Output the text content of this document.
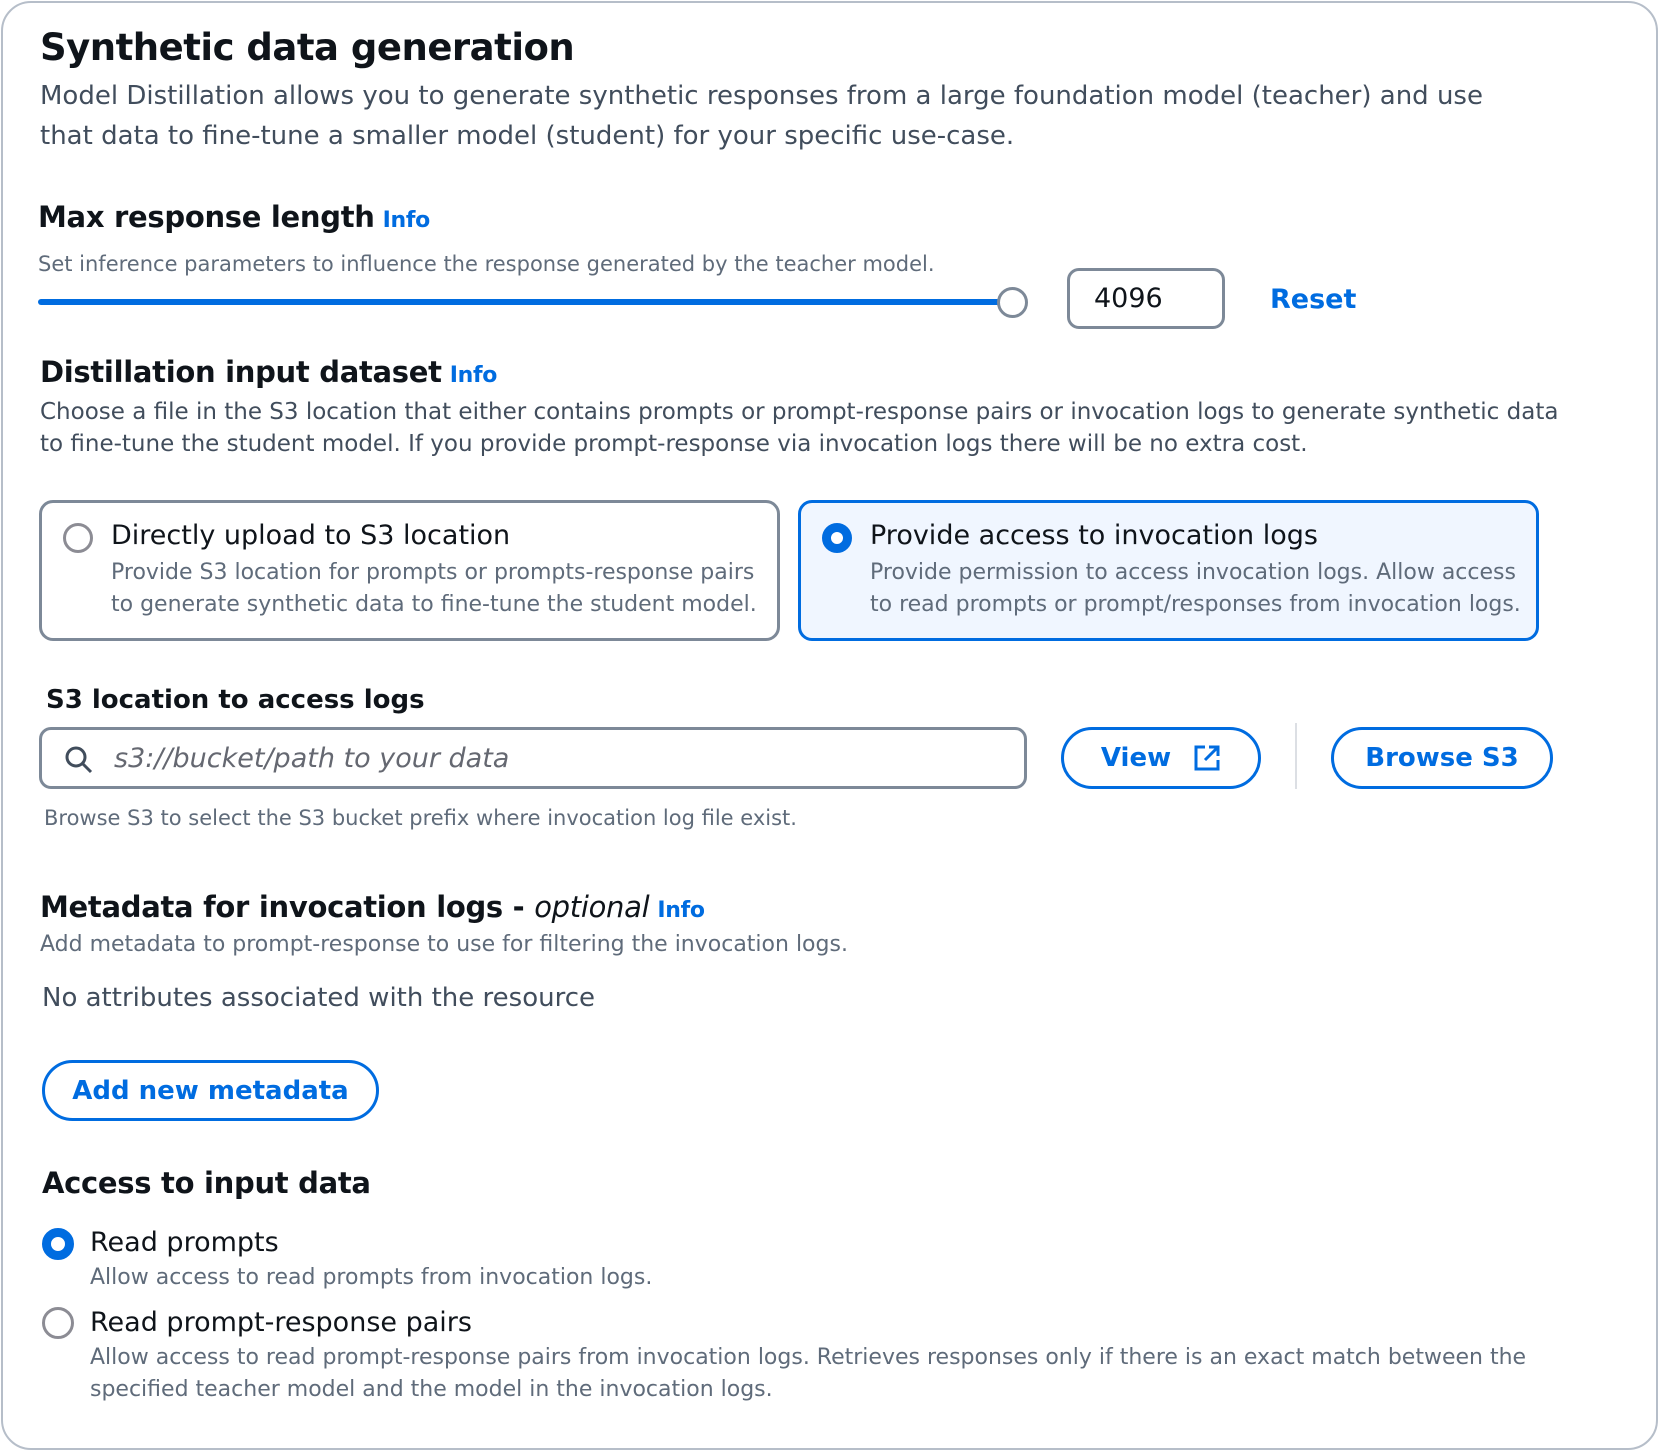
Synthetic data generation
Model Distillation allows you to generate synthetic responses from a large foundation model (teacher) and use that data to fine-tune a smaller model (student) for your specific use-case.
Max response length Info
Set inference parameters to influence the response generated by the teacher model.
4096	Reset
Distillation input dataset Info
Choose a file in the S3 location that either contains prompts or prompt-response pairs or invocation logs to generate synthetic data to fine-tune the student model. If you provide prompt-response via invocation logs there will be no extra cost.
Directly upload to S3 location
Provide S3 location for prompts or prompts-response pairs to generate synthetic data to fine-tune the student model.
Provide access to invocation logs
Provide permission to access invocation logs. Allow access to read prompts or prompt/responses from invocation logs.
S3 location to access logs
s3://bucket/path to your data	View	Browse S3
Browse S3 to select the S3 bucket prefix where invocation log file exist.
Metadata for invocation logs - optional Info
Add metadata to prompt-response to use for filtering the invocation logs.
No attributes associated with the resource
Add new metadata
Access to input data
Read prompts
Allow access to read prompts from invocation logs.
Read prompt-response pairs
Allow access to read prompt-response pairs from invocation logs. Retrieves responses only if there is an exact match between the specified teacher model and the model in the invocation logs.
